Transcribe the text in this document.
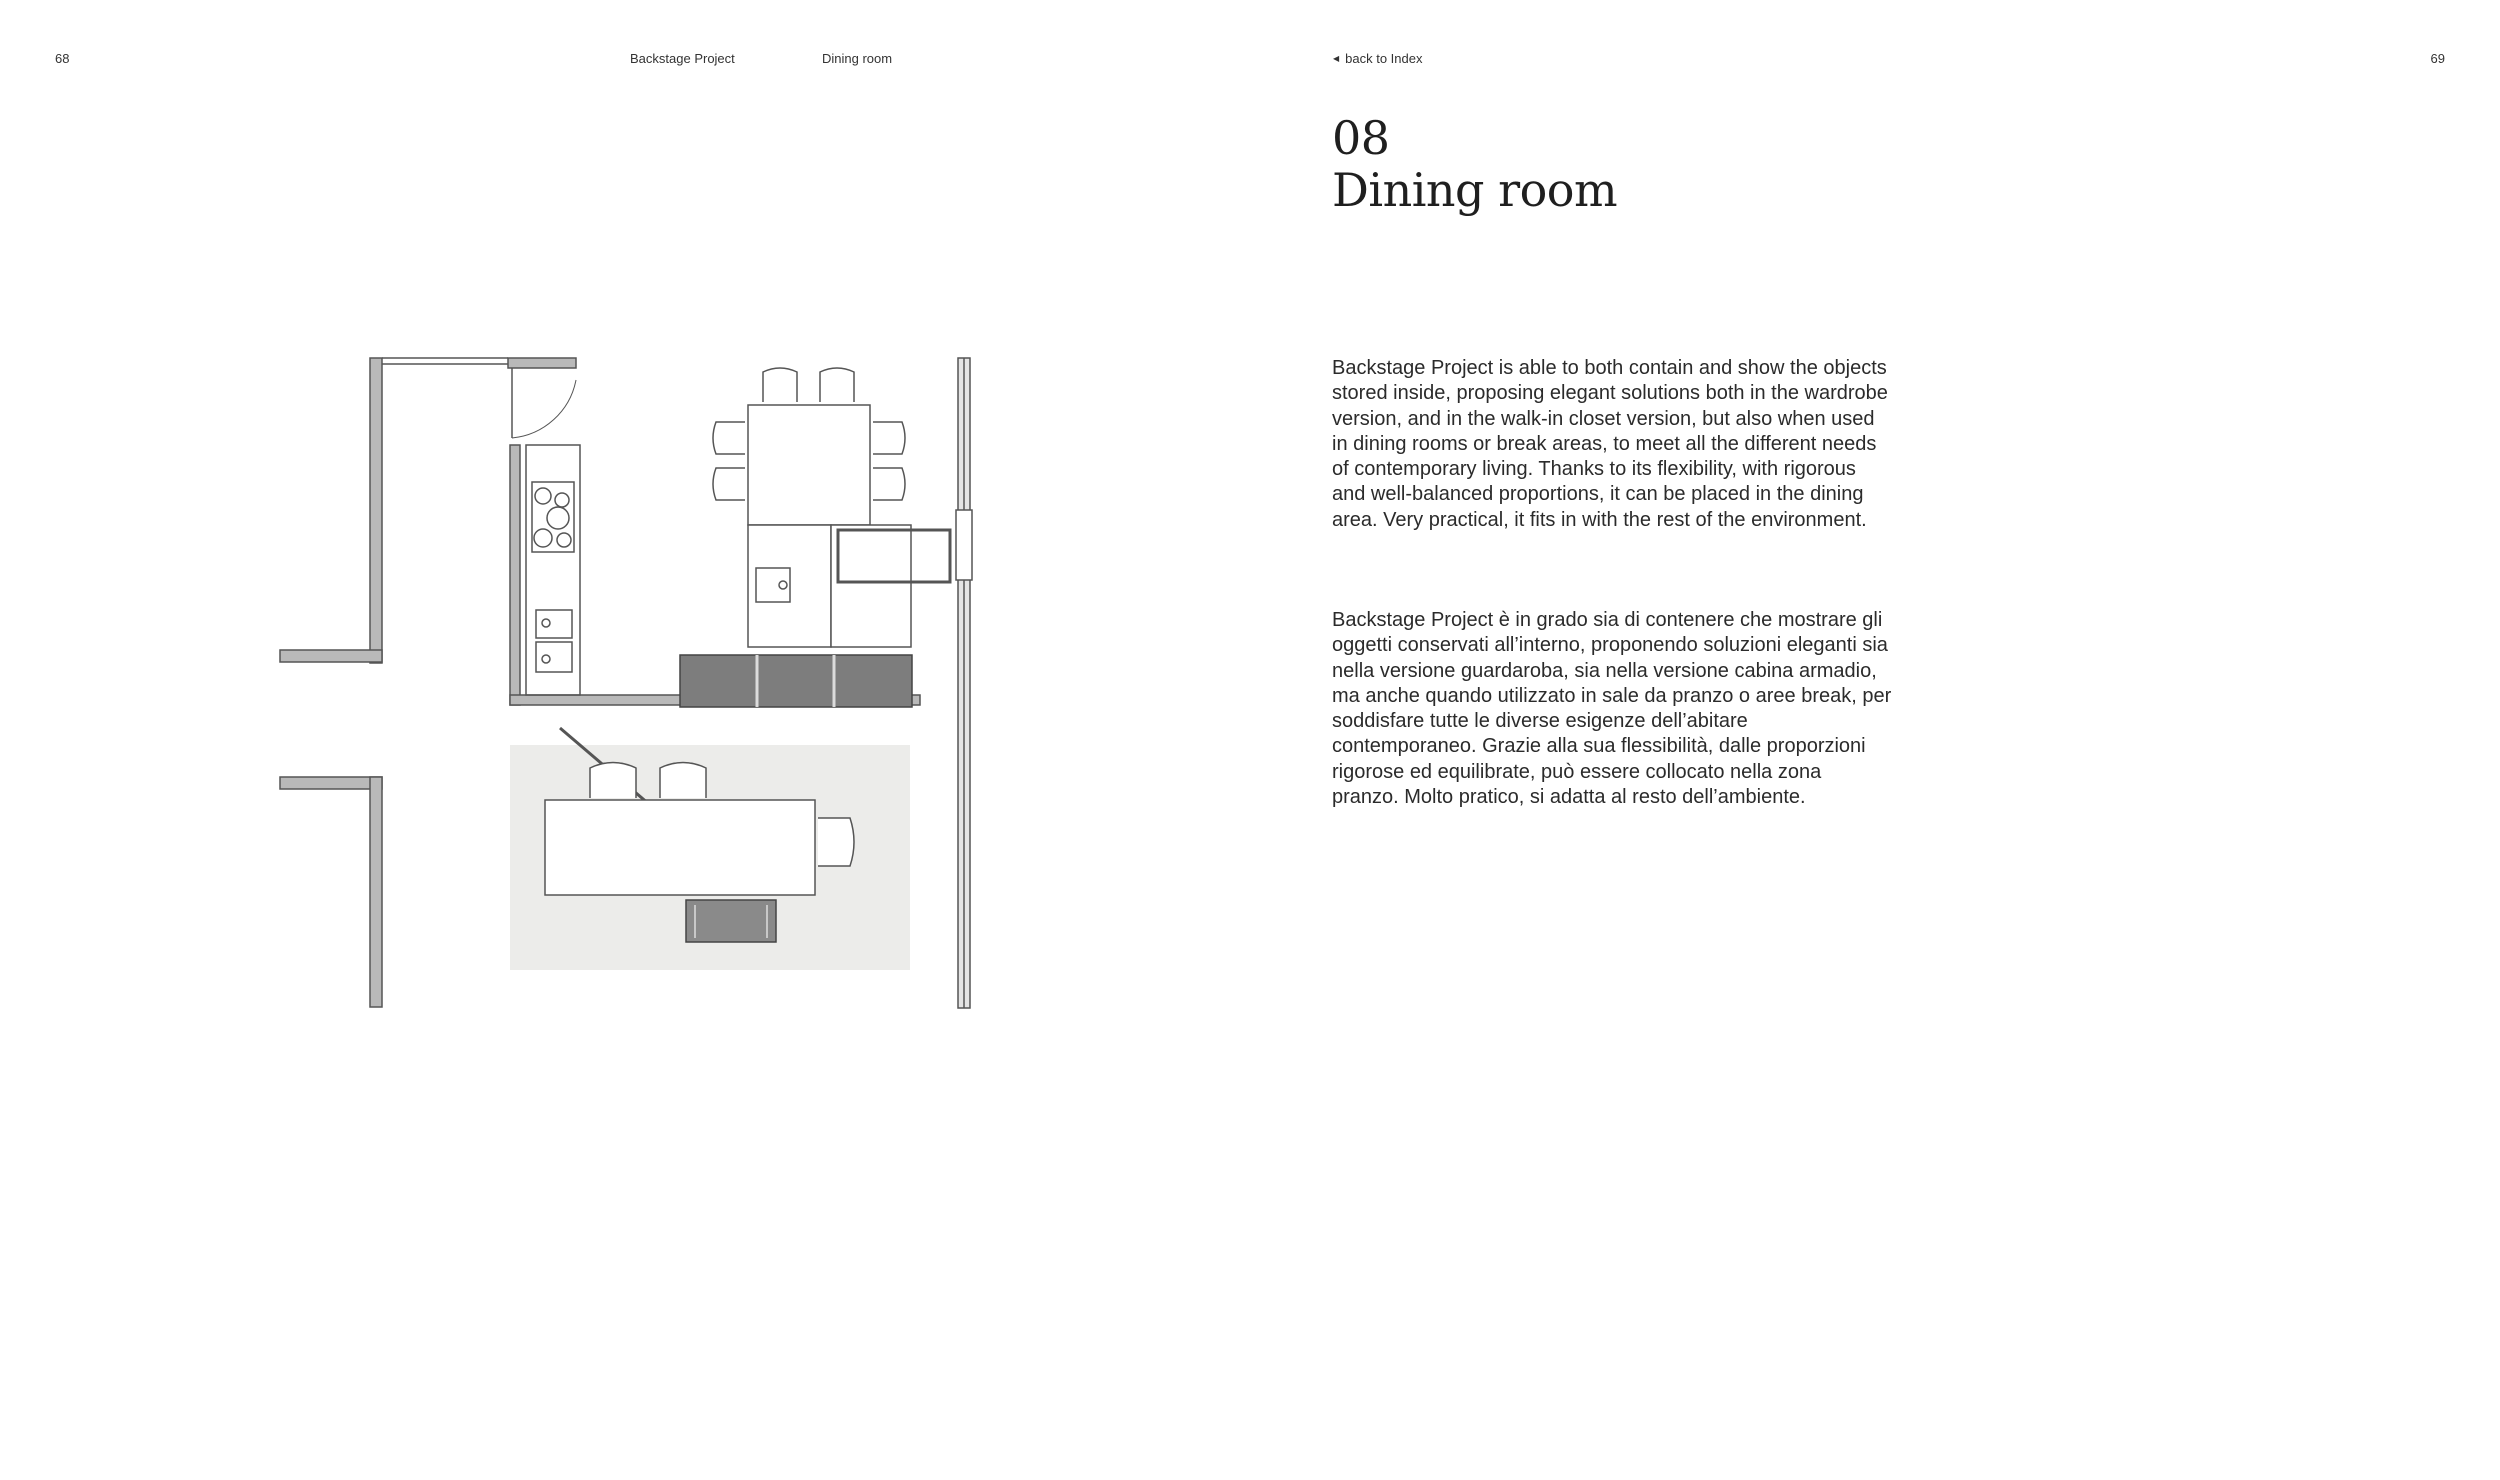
68	Backstage Project	Dining room	◀ back to Index	69
08
Dining room

Backstage Project is able to both contain and show the objects stored inside, proposing elegant solutions both in the wardrobe version, and in the walk-in closet version, but also when used in dining rooms or break areas, to meet all the different needs of contemporary living. Thanks to its flexibility, with rigorous and well-balanced proportions, it can be placed in the dining area. Very practical, it fits in with the rest of the environment.

Backstage Project è in grado sia di contenere che mostrare gli oggetti conservati all’interno, proponendo soluzioni eleganti sia nella versione guardaroba, sia nella versione cabina armadio, ma anche quando utilizzato in sale da pranzo o aree break, per soddisfare tutte le diverse esigenze dell’abitare contemporaneo. Grazie alla sua flessibilità, dalle proporzioni rigorose ed equilibrate, può essere collocato nella zona pranzo. Molto pratico, si adatta al resto dell’ambiente.
